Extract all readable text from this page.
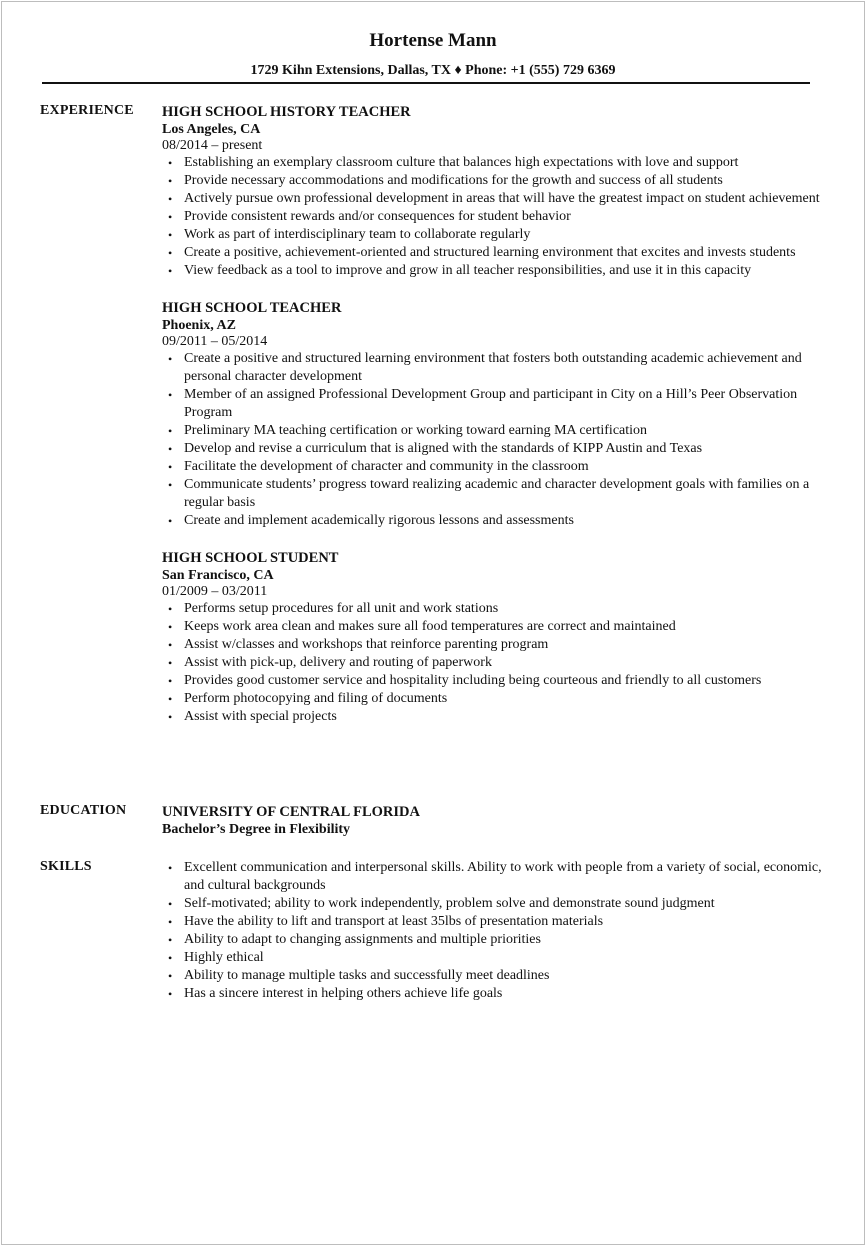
Hortense Mann
1729 Kihn Extensions, Dallas, TX ♦ Phone: +1 (555) 729 6369
EXPERIENCE HIGH SCHOOL HISTORY TEACHER
Los Angeles, CA
08/2014 – present
• Establishing an exemplary classroom culture that balances high expectations with love and support
• Provide necessary accommodations and modifications for the growth and success of all students
• Actively pursue own professional development in areas that will have the greatest impact on student achievement
• Provide consistent rewards and/or consequences for student behavior
• Work as part of interdisciplinary team to collaborate regularly
• Create a positive, achievement-oriented and structured learning environment that excites and invests students
• View feedback as a tool to improve and grow in all teacher responsibilities, and use it in this capacity
HIGH SCHOOL TEACHER
Phoenix, AZ
09/2011 – 05/2014
• Create a positive and structured learning environment that fosters both outstanding academic achievement and personal character development
• Member of an assigned Professional Development Group and participant in City on a Hill’s Peer Observation Program
• Preliminary MA teaching certification or working toward earning MA certification
• Develop and revise a curriculum that is aligned with the standards of KIPP Austin and Texas
• Facilitate the development of character and community in the classroom
• Communicate students’ progress toward realizing academic and character development goals with families on a regular basis
• Create and implement academically rigorous lessons and assessments
HIGH SCHOOL STUDENT
San Francisco, CA
01/2009 – 03/2011
• Performs setup procedures for all unit and work stations
• Keeps work area clean and makes sure all food temperatures are correct and maintained
• Assist w/classes and workshops that reinforce parenting program
• Assist with pick-up, delivery and routing of paperwork
• Provides good customer service and hospitality including being courteous and friendly to all customers
• Perform photocopying and filing of documents
• Assist with special projects
EDUCATION UNIVERSITY OF CENTRAL FLORIDA
Bachelor’s Degree in Flexibility
SKILLS
•	Excellent communication and interpersonal skills. Ability to work with people from a variety of social, economic, and cultural backgrounds
• Self-motivated; ability to work independently, problem solve and demonstrate sound judgment
• Have the ability to lift and transport at least 35lbs of presentation materials
• Ability to adapt to changing assignments and multiple priorities
• Highly ethical
• Ability to manage multiple tasks and successfully meet deadlines
• Has a sincere interest in helping others achieve life goals
